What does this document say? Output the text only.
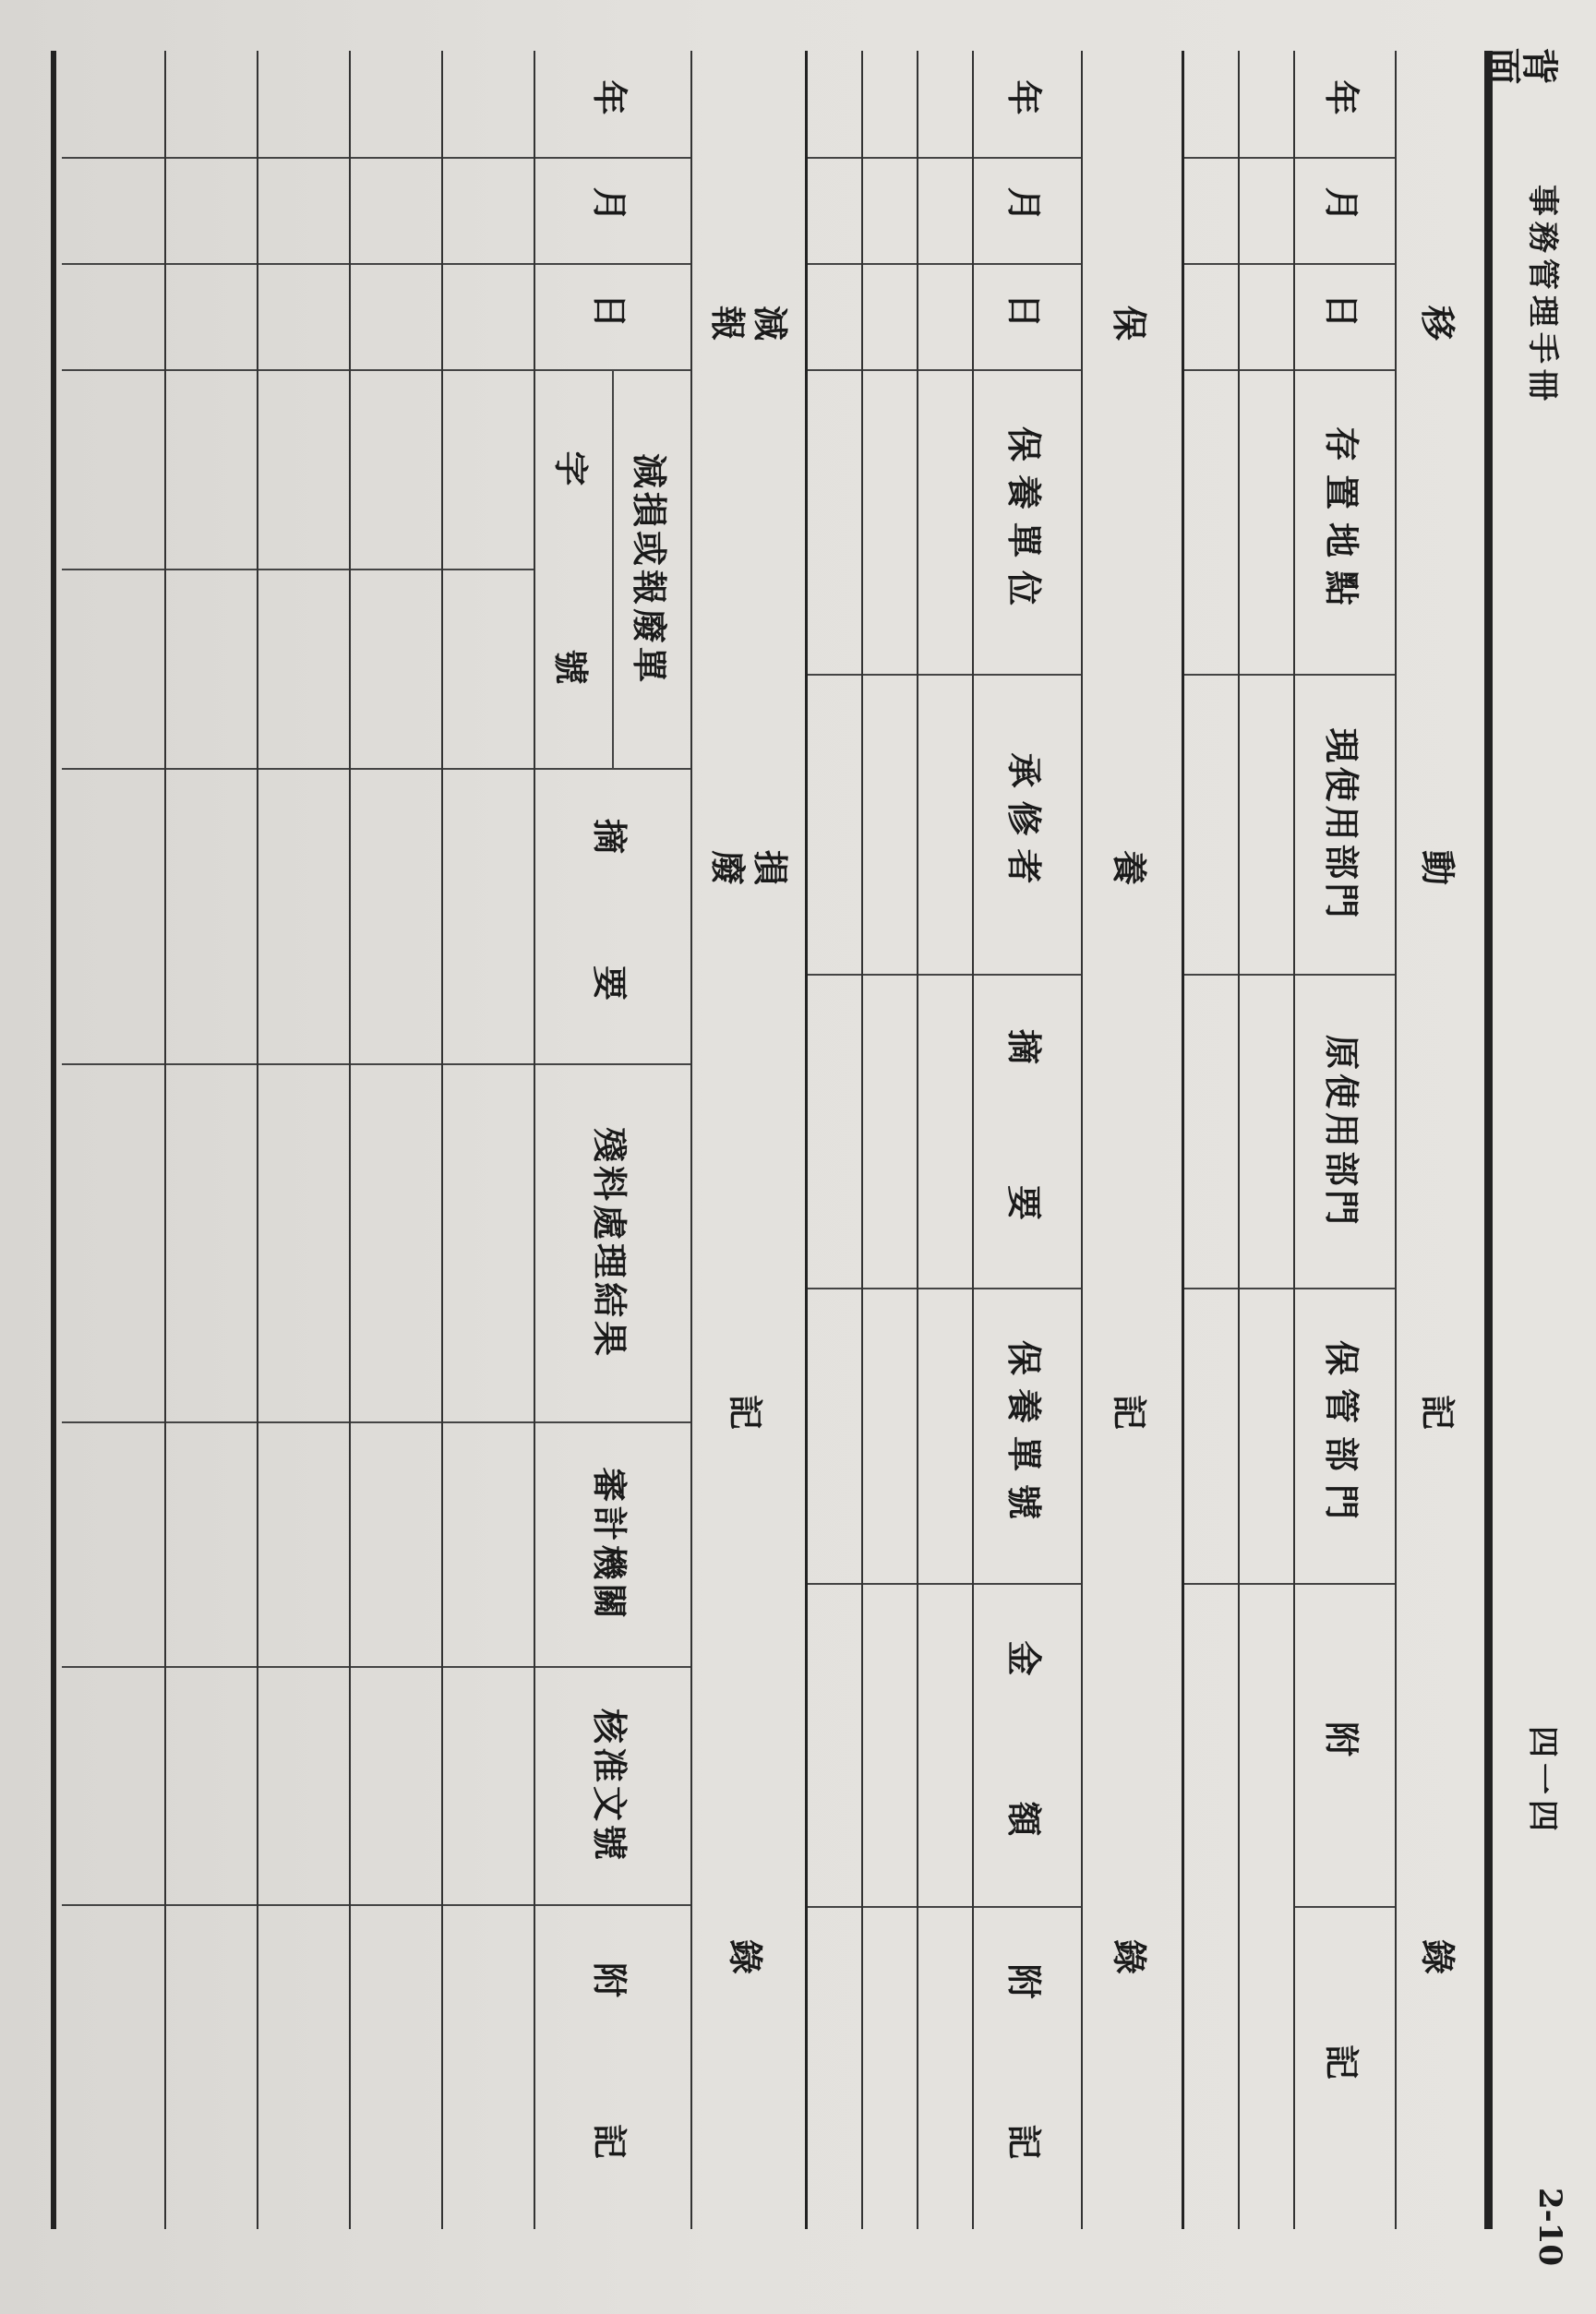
事務管理手冊
四一四
2-10
背面
移
動
記
錄
年
月
日
存置地點
現使用部門
原使用部門
保管部門
附
記
保
養
記
錄
年
月
日
保養單位
承修者
摘
要
保養單號
金
額
附
記
減
報
損
廢
記
錄
年
月
日
減損或報廢單
字
號
摘
要
殘料處理結果
審計機關
核准文號
附
記
